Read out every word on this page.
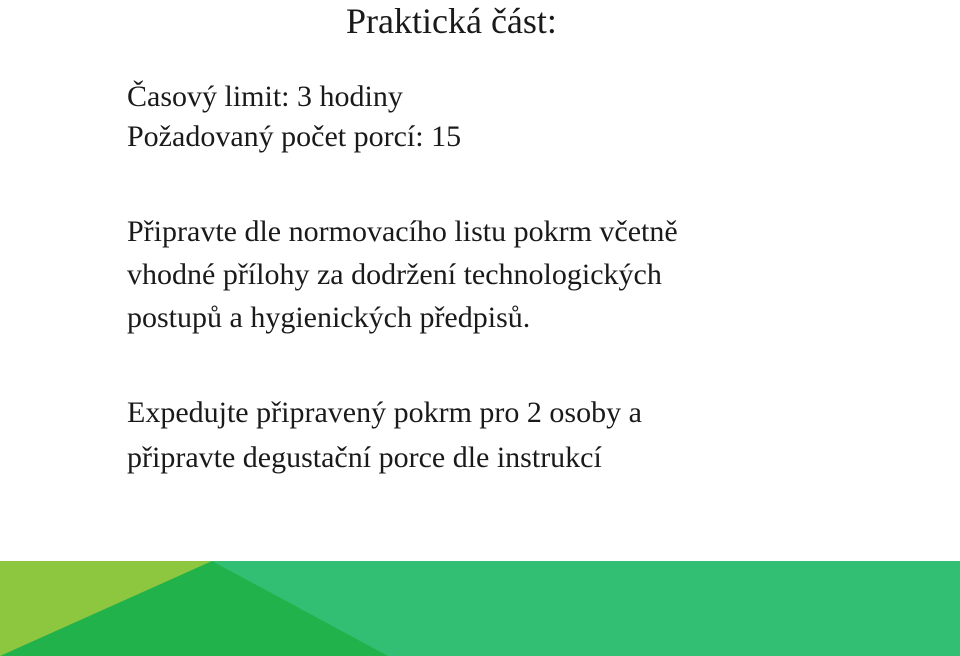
Praktická část:
Časový limit: 3 hodiny
Požadovaný počet porcí: 15
Připravte dle normovacího listu pokrm včetně
vhodné přílohy za dodržení technologických
postupů a hygienických předpisů.
Expedujte připravený pokrm pro 2 osoby a
připravte degustační porce dle instrukcí
